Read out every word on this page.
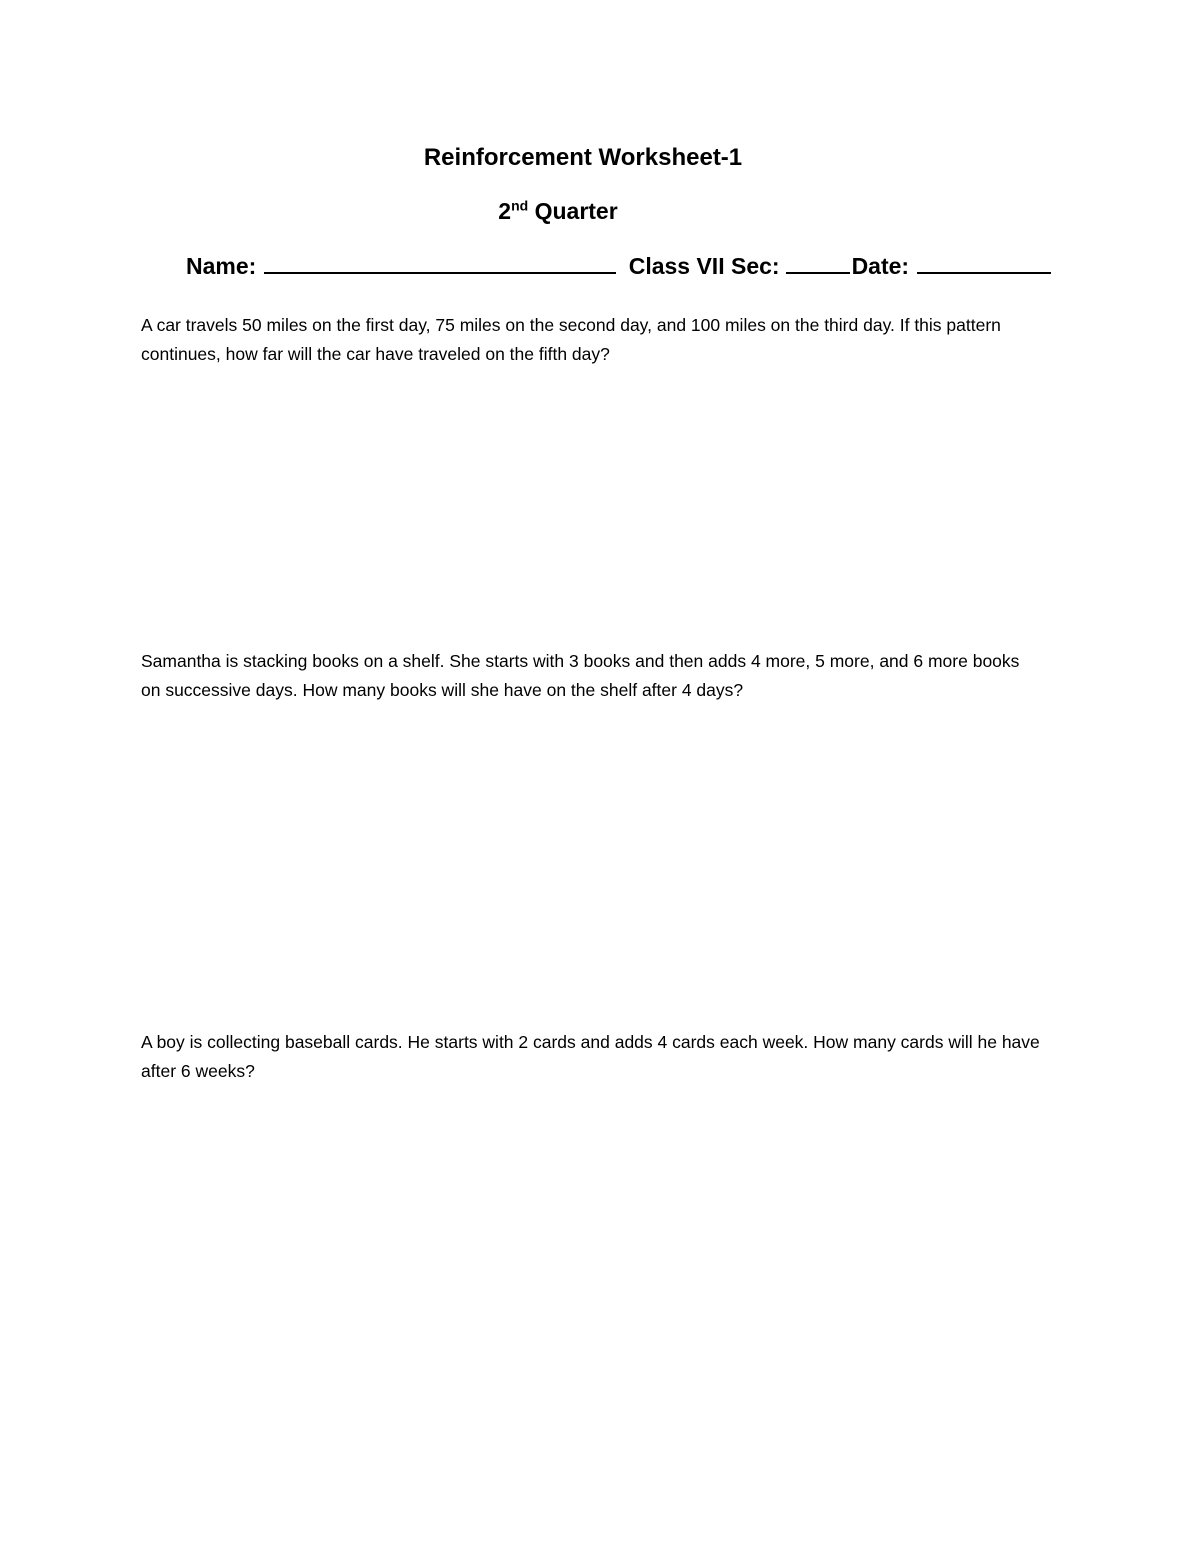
Reinforcement Worksheet-1
2nd Quarter
Name:	Class VII Sec:	Date:
A car travels 50 miles on the first day, 75 miles on the second day, and 100 miles on the third day. If this pattern continues, how far will the car have traveled on the fifth day?
Samantha is stacking books on a shelf. She starts with 3 books and then adds 4 more, 5 more, and 6 more books on successive days. How many books will she have on the shelf after 4 days?
A boy is collecting baseball cards. He starts with 2 cards and adds 4 cards each week. How many cards will he have after 6 weeks?
